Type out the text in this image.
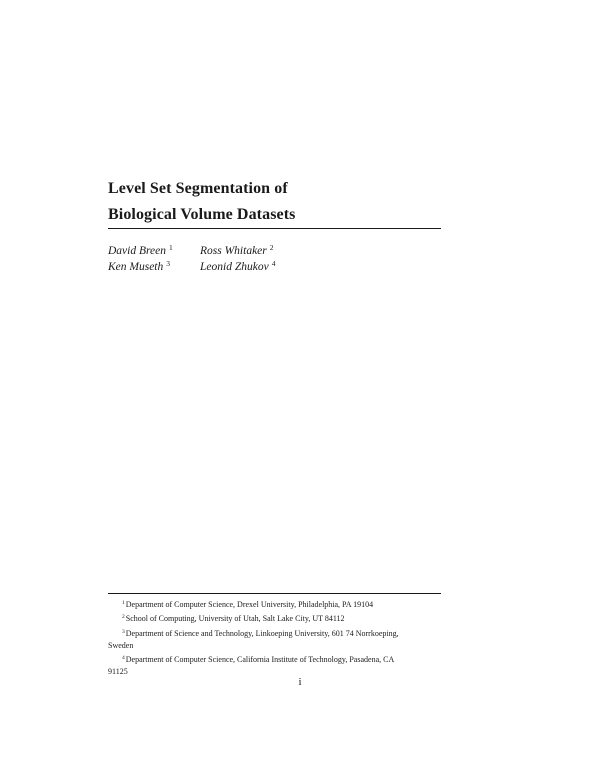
Level Set Segmentation of
Biological Volume Datasets
David Breen $^1$ Ross Whitaker $^2$
Ken Museth $^3$	Leonid Zhukov $^4$
$^1$Department of Computer Science, Drexel University, Philadelphia, PA 19104
$^2$School of Computing, University of Utah, Salt Lake City, UT 84112
$^3$Department of Science and Technology, Linkoeping University, 601 74 Norrkoeping,
Sweden
$^4$Department of Computer Science, California Institute of Technology, Pasadena, CA
91125
i
